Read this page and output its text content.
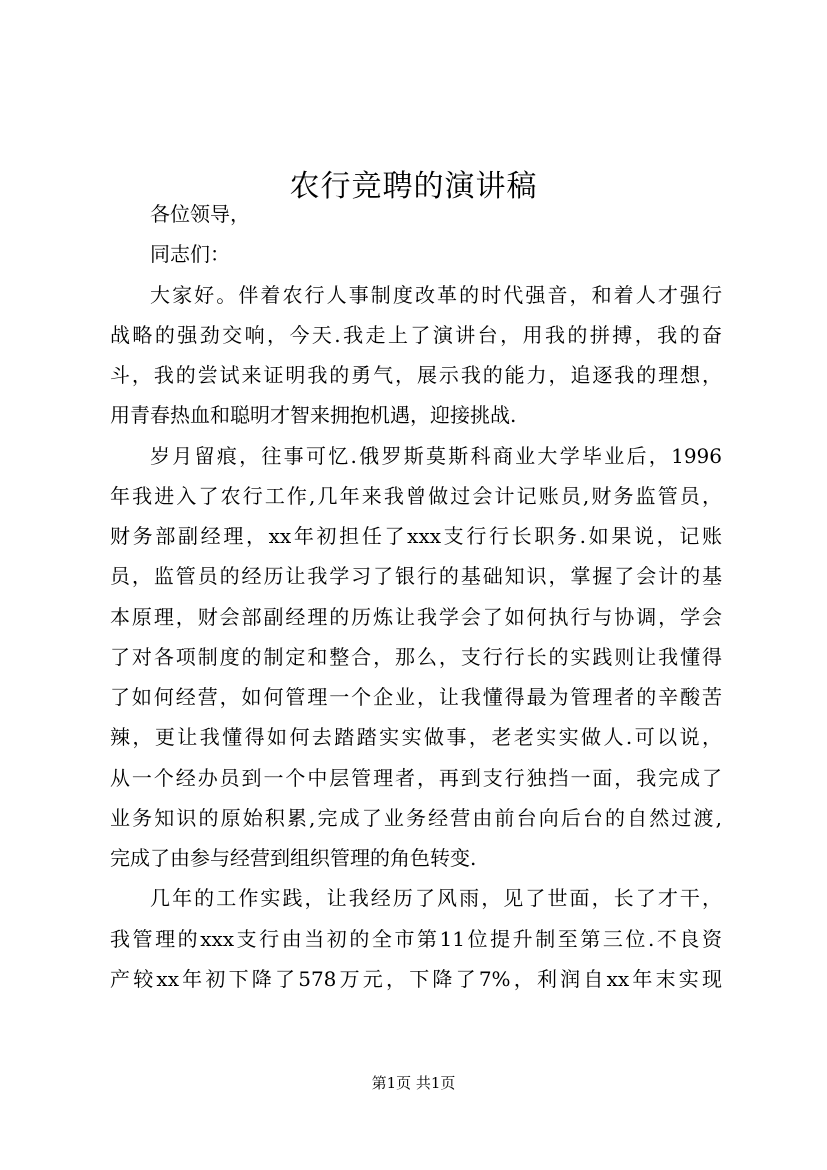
农行竞聘的演讲稿
各位领导，
同志们：
大家好。伴着农行人事制度改革的时代强音，和着人才强行
战略的强劲交响，今天.我走上了演讲台，用我的拼搏，我的奋
斗，我的尝试来证明我的勇气，展示我的能力，追逐我的理想，
用青春热血和聪明才智来拥抱机遇，迎接挑战.
岁月留痕，往事可忆.俄罗斯莫斯科商业大学毕业后，1996
年我进入了农行工作,几年来我曾做过会计记账员,财务监管员，
财务部副经理，xx年初担任了xxx支行行长职务.如果说，记账
员，监管员的经历让我学习了银行的基础知识，掌握了会计的基
本原理，财会部副经理的历炼让我学会了如何执行与协调，学会
了对各项制度的制定和整合，那么，支行行长的实践则让我懂得
了如何经营，如何管理一个企业，让我懂得最为管理者的辛酸苦
辣，更让我懂得如何去踏踏实实做事，老老实实做人.可以说，
从一个经办员到一个中层管理者，再到支行独挡一面，我完成了
业务知识的原始积累,完成了业务经营由前台向后台的自然过渡,
完成了由参与经营到组织管理的角色转变.
几年的工作实践，让我经历了风雨，见了世面，长了才干，
我管理的xxx支行由当初的全市第11位提升制至第三位.不良资
产较xx年初下降了578万元，下降了7%，利润自xx年末实现
第1页 共1页
